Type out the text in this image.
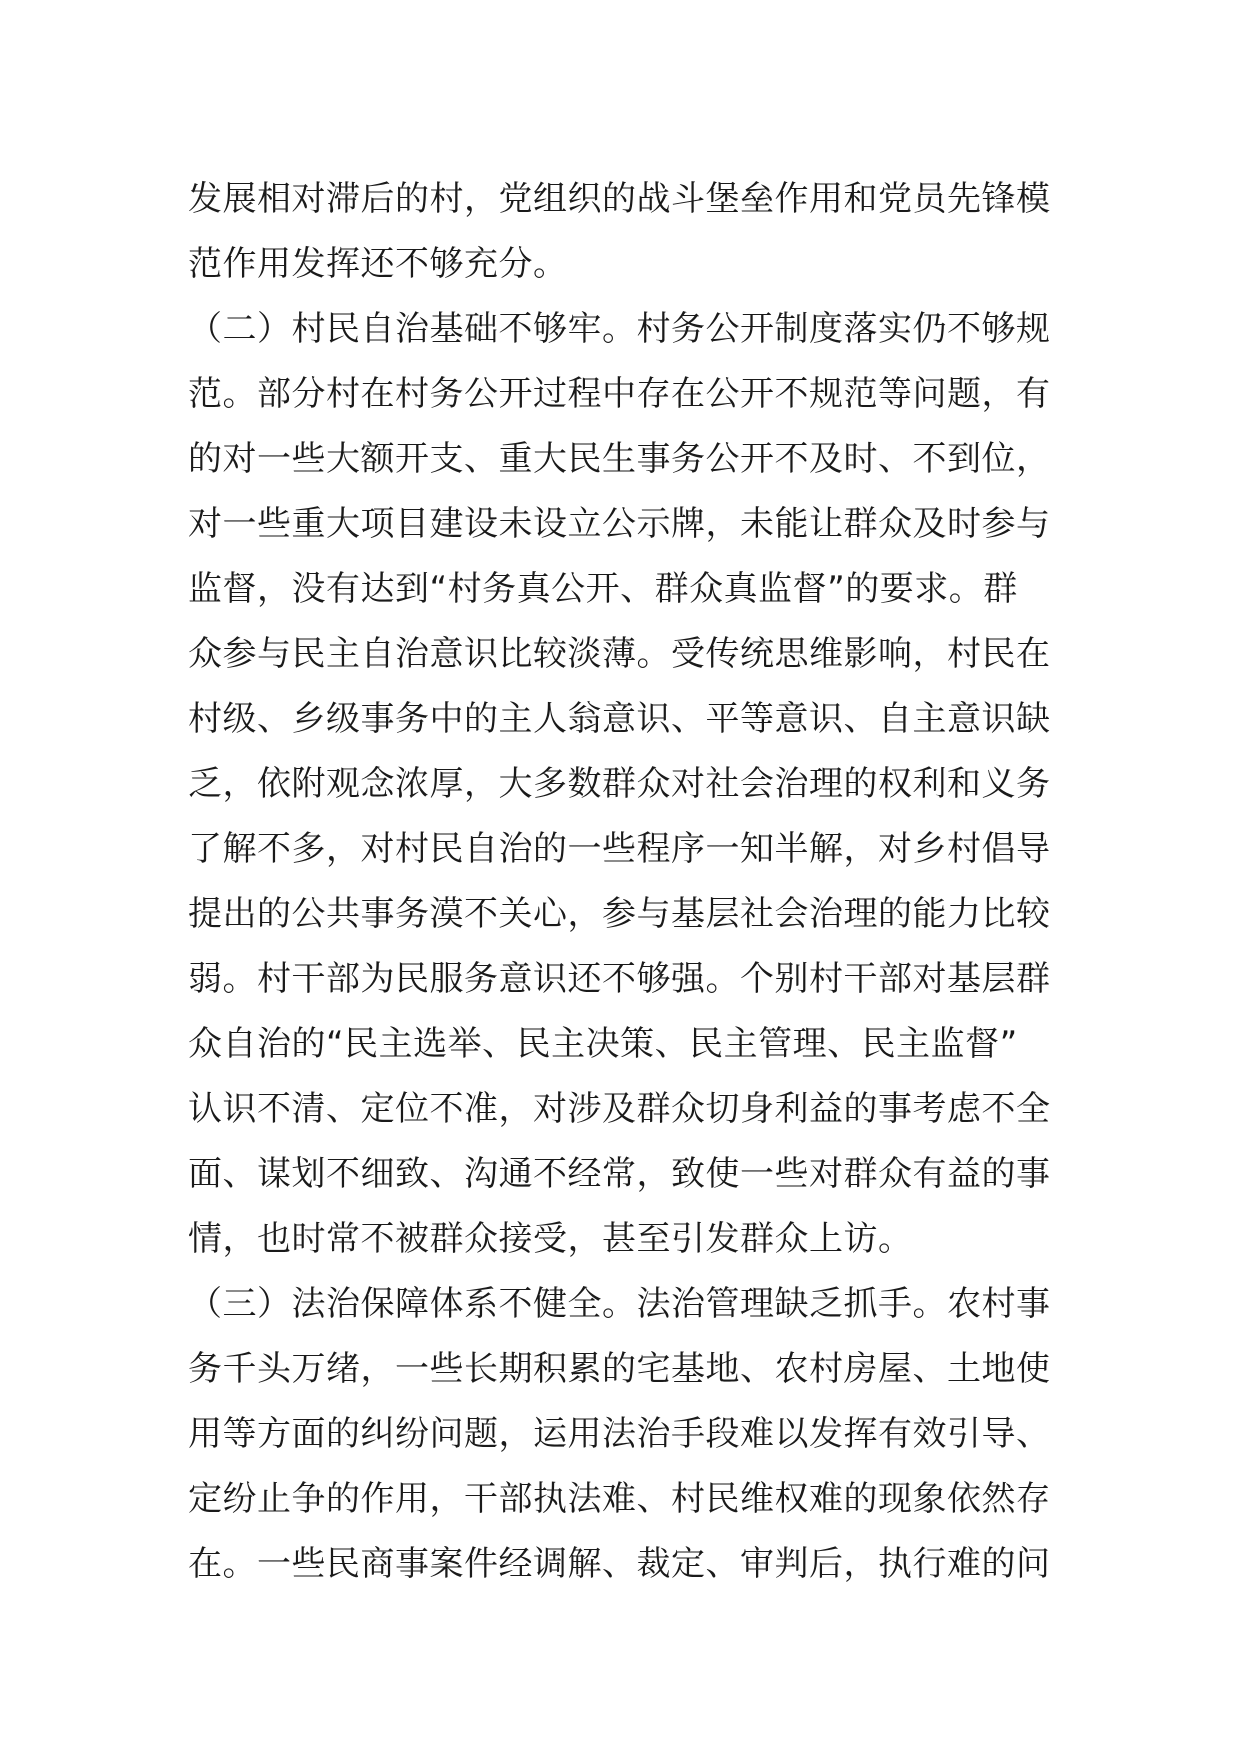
发展相对滞后的村，党组织的战斗堡垒作用和党员先锋模
范作用发挥还不够充分。
（二）村民自治基础不够牢。村务公开制度落实仍不够规
范。部分村在村务公开过程中存在公开不规范等问题，有
的对一些大额开支、重大民生事务公开不及时、不到位，
对一些重大项目建设未设立公示牌，未能让群众及时参与
监督，没有达到“村务真公开、群众真监督”的要求。群
众参与民主自治意识比较淡薄。受传统思维影响，村民在
村级、乡级事务中的主人翁意识、平等意识、自主意识缺
乏，依附观念浓厚，大多数群众对社会治理的权利和义务
了解不多，对村民自治的一些程序一知半解，对乡村倡导
提出的公共事务漠不关心，参与基层社会治理的能力比较
弱。村干部为民服务意识还不够强。个别村干部对基层群
众自治的“民主选举、民主决策、民主管理、民主监督”
认识不清、定位不准，对涉及群众切身利益的事考虑不全
面、谋划不细致、沟通不经常，致使一些对群众有益的事
情，也时常不被群众接受，甚至引发群众上访。
（三）法治保障体系不健全。法治管理缺乏抓手。农村事
务千头万绪，一些长期积累的宅基地、农村房屋、土地使
用等方面的纠纷问题，运用法治手段难以发挥有效引导、
定纷止争的作用，干部执法难、村民维权难的现象依然存
在。一些民商事案件经调解、裁定、审判后，执行难的问
